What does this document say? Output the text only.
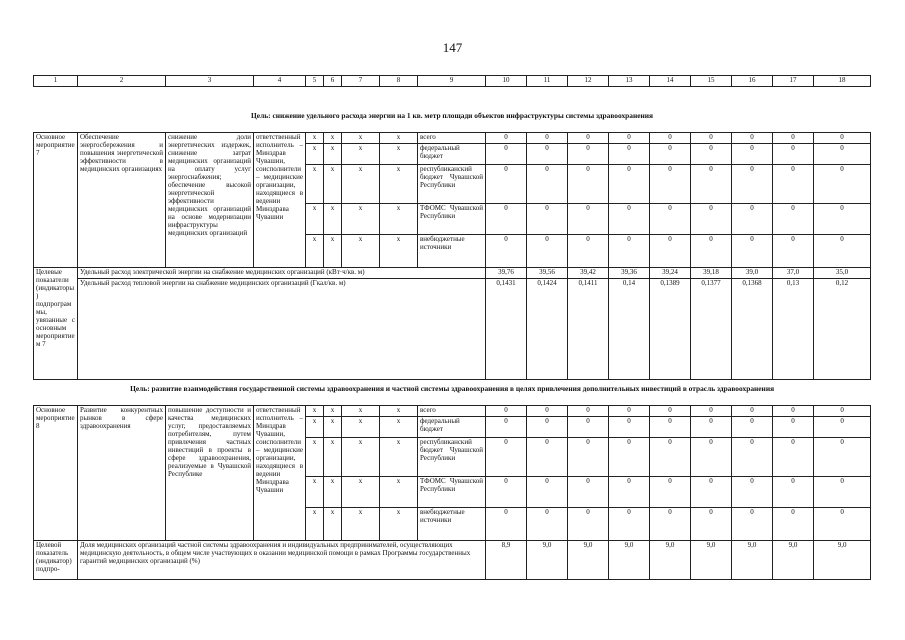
147
1	2	3	4	5	6	7	8	9	10	11	12	13	14	15	16	17	18
Цель: снижение удельного расхода энергии на 1 кв. метр площади объектов инфраструктуры системы здравоохранения																	
Основное мероприятие 7	Обеспечение энергосбережения и повышения энергетической эффективности в медицинских организациях	снижение доли энергетических издержек, снижение затрат медицинских организаций на оплату услуг энергоснабжения; обеспечение высокой энергетической эффективности медицинских организаций на основе модернизации инфраструктуры медицинских организаций	ответственный исполнитель – Минздрав Чувашии, соисполнители – медицинские организации, находящиеся в ведении Минздрава Чувашии	х	х	х	х	всего	0	0	0	0	0	0	0	0	0
				х	х	х	х	федеральный бюджет	0	0	0	0	0	0	0	0	0
				х	х	х	х	республиканский бюджет Чувашской Республики	0	0	0	0	0	0	0	0	0
				х	х	х	х	ТФОМС Чувашской Республики	0	0	0	0	0	0	0	0	0
				х	х	х	х	внебюджетные источники	0	0	0	0	0	0	0	0	0
Целевые показатели (индикаторы) подпрограммы, увязанные с основным мероприятием 7	Удельный расход электрической энергии на снабжение медицинских организаций (кВт·ч/кв. м)								39,76	39,56	39,42	39,36	39,24	39,18	39,0	37,0	35,0
	Удельный расход тепловой энергии на снабжение медицинских организаций (Гкал/кв. м)								0,1431	0,1424	0,1411	0,14	0,1389	0,1377	0,1368	0,13	0,12
Цель: развитие взаимодействия государственной системы здравоохранения и частной системы здравоохранения в целях привлечения дополнительных инвестиций в отрасль здравоохранения																	
Основное мероприятие 8	Развитие конкурентных рынков в сфере здравоохранения	повышение доступности и качества медицинских услуг, предоставляемых потребителям, путем привлечения частных инвестиций в проекты в сфере здравоохранения, реализуемые в Чувашской Республике	ответственный исполнитель – Минздрав Чувашии, соисполнители – медицинские организации, находящиеся в ведении Минздрава Чувашии	х	х	х	х	всего	0	0	0	0	0	0	0	0	0
				х	х	х	х	федеральный бюджет	0	0	0	0	0	0	0	0	0
				х	х	х	х	республиканский бюджет Чувашской Республики	0	0	0	0	0	0	0	0	0
				х	х	х	х	ТФОМС Чувашской Республики	0	0	0	0	0	0	0	0	0
				х	х	х	х	внебюджетные источники	0	0	0	0	0	0	0	0	0
Целевой показатель (индикатор) подпро-	Доля медицинских организаций частной системы здравоохранения и индивидуальных предпринимателей, осуществляющих медицинскую деятельность, в общем числе участвующих в оказании медицинской помощи в рамках Программы государственных гарантий медицинских организаций (%)								8,9	9,0	9,0	9,0	9,0	9,0	9,0	9,0	9,0
